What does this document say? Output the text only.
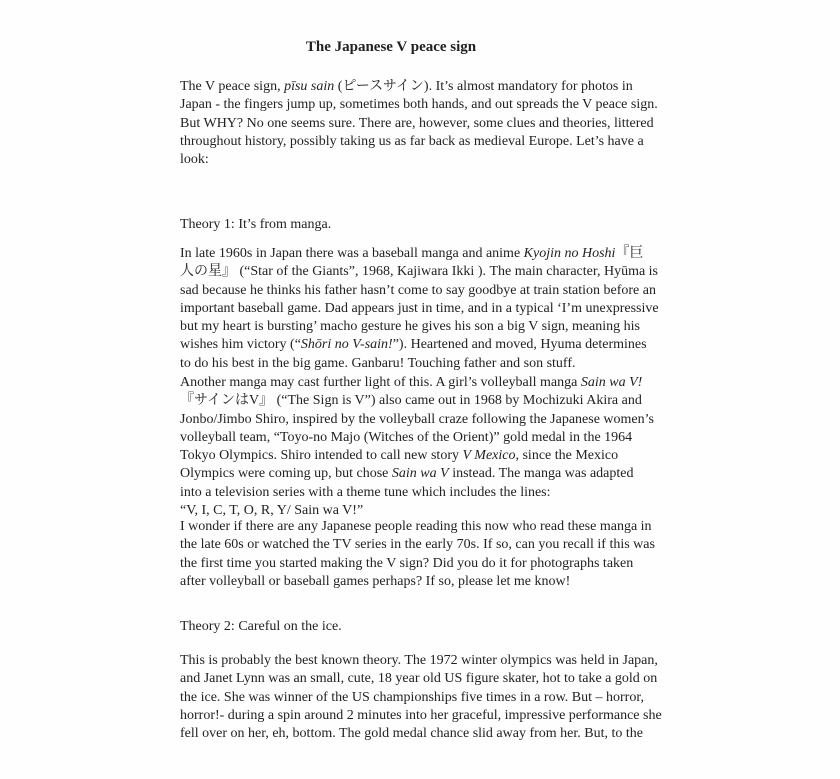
The Japanese V peace sign
The V peace sign, pīsu sain (ピースサイン). It’s almost mandatory for photos in
Japan - the fingers jump up, sometimes both hands, and out spreads the V peace sign.
But WHY? No one seems sure. There are, however, some clues and theories, littered
throughout history, possibly taking us as far back as medieval Europe. Let’s have a
look:
Theory 1: It’s from manga.
In late 1960s in Japan there was a baseball manga and anime Kyojin no Hoshi『巨
人の星』 (“Star of the Giants”, 1968, Kajiwara Ikki ). The main character, Hyūma is
sad because he thinks his father hasn’t come to say goodbye at train station before an
important baseball game. Dad appears just in time, and in a typical ‘I’m unexpressive
but my heart is bursting’ macho gesture he gives his son a big V sign, meaning his
wishes him victory (“Shōri no V-sain!”). Heartened and moved, Hyuma determines
to do his best in the big game. Ganbaru! Touching father and son stuff.
Another manga may cast further light of this. A girl’s volleyball manga Sain wa V!
『サインはV』 (“The Sign is V”) also came out in 1968 by Mochizuki Akira and
Jonbo/Jimbo Shiro, inspired by the volleyball craze following the Japanese women’s
volleyball team, “Toyo-no Majo (Witches of the Orient)” gold medal in the 1964
Tokyo Olympics. Shiro intended to call new story V Mexico, since the Mexico
Olympics were coming up, but chose Sain wa V instead. The manga was adapted
into a television series with a theme tune which includes the lines:
“V, I, C, T, O, R, Y/ Sain wa V!”
I wonder if there are any Japanese people reading this now who read these manga in
the late 60s or watched the TV series in the early 70s. If so, can you recall if this was
the first time you started making the V sign? Did you do it for photographs taken
after volleyball or baseball games perhaps? If so, please let me know!
Theory 2: Careful on the ice.
This is probably the best known theory. The 1972 winter olympics was held in Japan,
and Janet Lynn was an small, cute, 18 year old US figure skater, hot to take a gold on
the ice. She was winner of the US championships five times in a row. But – horror,
horror!- during a spin around 2 minutes into her graceful, impressive performance she
fell over on her, eh, bottom. The gold medal chance slid away from her. But, to the
